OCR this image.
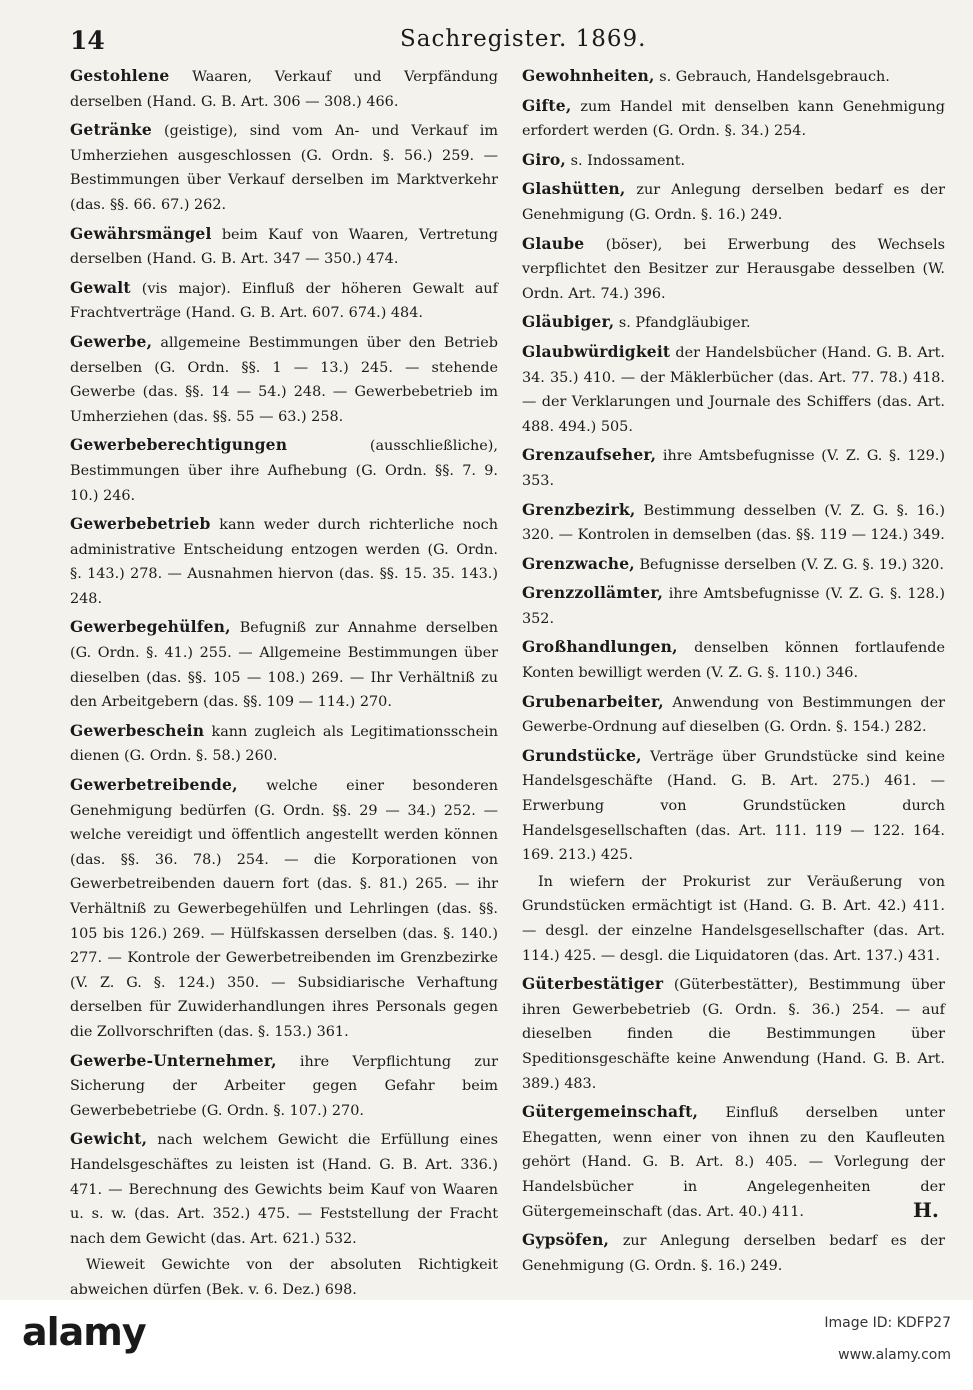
14	Sachregister. 1869.

Gestohlene Waaren, Verkauf und Verpfändung derselben (Hand. G. B. Art. 306 — 308.) 466.

Getränke (geistige), sind vom An- und Verkauf im Umherziehen ausgeschlossen (G. Ordn. §. 56.) 259. — Bestimmungen über Verkauf derselben im Marktverkehr (das. §§. 66. 67.) 262.

Gewährsmängel beim Kauf von Waaren, Vertretung derselben (Hand. G. B. Art. 347 — 350.) 474.

Gewalt (vis major). Einfluß der höheren Gewalt auf Frachtverträge (Hand. G. B. Art. 607. 674.) 484.

Gewerbe, allgemeine Bestimmungen über den Betrieb derselben (G. Ordn. §§. 1 — 13.) 245. — stehende Gewerbe (das. §§. 14 — 54.) 248. — Gewerbebetrieb im Umherziehen (das. §§. 55 — 63.) 258.

Gewerbeberechtigungen (ausschließliche), Bestimmungen über ihre Aufhebung (G. Ordn. §§. 7. 9. 10.) 246.

Gewerbebetrieb kann weder durch richterliche noch administrative Entscheidung entzogen werden (G. Ordn. §. 143.) 278. — Ausnahmen hiervon (das. §§. 15. 35. 143.) 248.

Gewerbegehülfen, Befugniß zur Annahme derselben (G. Ordn. §. 41.) 255. — Allgemeine Bestimmungen über dieselben (das. §§. 105 — 108.) 269. — Ihr Verhältniß zu den Arbeitgebern (das. §§. 109 — 114.) 270.

Gewerbeschein kann zugleich als Legitimationsschein dienen (G. Ordn. §. 58.) 260.

Gewerbetreibende, welche einer besonderen Genehmigung bedürfen (G. Ordn. §§. 29 — 34.) 252. — welche vereidigt und öffentlich angestellt werden können (das. §§. 36. 78.) 254. — die Korporationen von Gewerbetreibenden dauern fort (das. §. 81.) 265. — ihr Verhältniß zu Gewerbegehülfen und Lehrlingen (das. §§. 105 bis 126.) 269. — Hülfskassen derselben (das. §. 140.) 277. — Kontrole der Gewerbetreibenden im Grenzbezirke (V. Z. G. §. 124.) 350. — Subsidiarische Verhaftung derselben für Zuwiderhandlungen ihres Personals gegen die Zollvorschriften (das. §. 153.) 361.

Gewerbe-Unternehmer, ihre Verpflichtung zur Sicherung der Arbeiter gegen Gefahr beim Gewerbebetriebe (G. Ordn. §. 107.) 270.

Gewicht, nach welchem Gewicht die Erfüllung eines Handelsgeschäftes zu leisten ist (Hand. G. B. Art. 336.) 471. — Berechnung des Gewichts beim Kauf von Waaren u. s. w. (das. Art. 352.) 475. — Feststellung der Fracht nach dem Gewicht (das. Art. 621.) 532.

Wieweit Gewichte von der absoluten Richtigkeit abweichen dürfen (Bek. v. 6. Dez.) 698.

Gewohnheiten, s. Gebrauch, Handelsgebrauch.

Gifte, zum Handel mit denselben kann Genehmigung erfordert werden (G. Ordn. §. 34.) 254.

Giro, s. Indossament.

Glashütten, zur Anlegung derselben bedarf es der Genehmigung (G. Ordn. §. 16.) 249.

Glaube (böser), bei Erwerbung des Wechsels verpflichtet den Besitzer zur Herausgabe desselben (W. Ordn. Art. 74.) 396.

Gläubiger, s. Pfandgläubiger.

Glaubwürdigkeit der Handelsbücher (Hand. G. B. Art. 34. 35.) 410. — der Mäklerbücher (das. Art. 77. 78.) 418. — der Verklarungen und Journale des Schiffers (das. Art. 488. 494.) 505.

Grenzaufseher, ihre Amtsbefugnisse (V. Z. G. §. 129.) 353.

Grenzbezirk, Bestimmung desselben (V. Z. G. §. 16.) 320. — Kontrolen in demselben (das. §§. 119 — 124.) 349.

Grenzwache, Befugnisse derselben (V. Z. G. §. 19.) 320.

Grenzzollämter, ihre Amtsbefugnisse (V. Z. G. §. 128.) 352.

Großhandlungen, denselben können fortlaufende Konten bewilligt werden (V. Z. G. §. 110.) 346.

Grubenarbeiter, Anwendung von Bestimmungen der Gewerbe-Ordnung auf dieselben (G. Ordn. §. 154.) 282.

Grundstücke, Verträge über Grundstücke sind keine Handelsgeschäfte (Hand. G. B. Art. 275.) 461. — Erwerbung von Grundstücken durch Handelsgesellschaften (das. Art. 111. 119 — 122. 164. 169. 213.) 425.

In wiefern der Prokurist zur Veräußerung von Grundstücken ermächtigt ist (Hand. G. B. Art. 42.) 411. — desgl. der einzelne Handelsgesellschafter (das. Art. 114.) 425. — desgl. die Liquidatoren (das. Art. 137.) 431.

Güterbestätiger (Güterbestätter), Bestimmung über ihren Gewerbebetrieb (G. Ordn. §. 36.) 254. — auf dieselben finden die Bestimmungen über Speditionsgeschäfte keine Anwendung (Hand. G. B. Art. 389.) 483.

Gütergemeinschaft, Einfluß derselben unter Ehegatten, wenn einer von ihnen zu den Kaufleuten gehört (Hand. G. B. Art. 8.) 405. — Vorlegung der Handelsbücher in Angelegenheiten der Gütergemeinschaft (das. Art. 40.) 411.

Gypsöfen, zur Anlegung derselben bedarf es der Genehmigung (G. Ordn. §. 16.) 249.

H.
alamy	Image ID: KDFP27
www.alamy.com
